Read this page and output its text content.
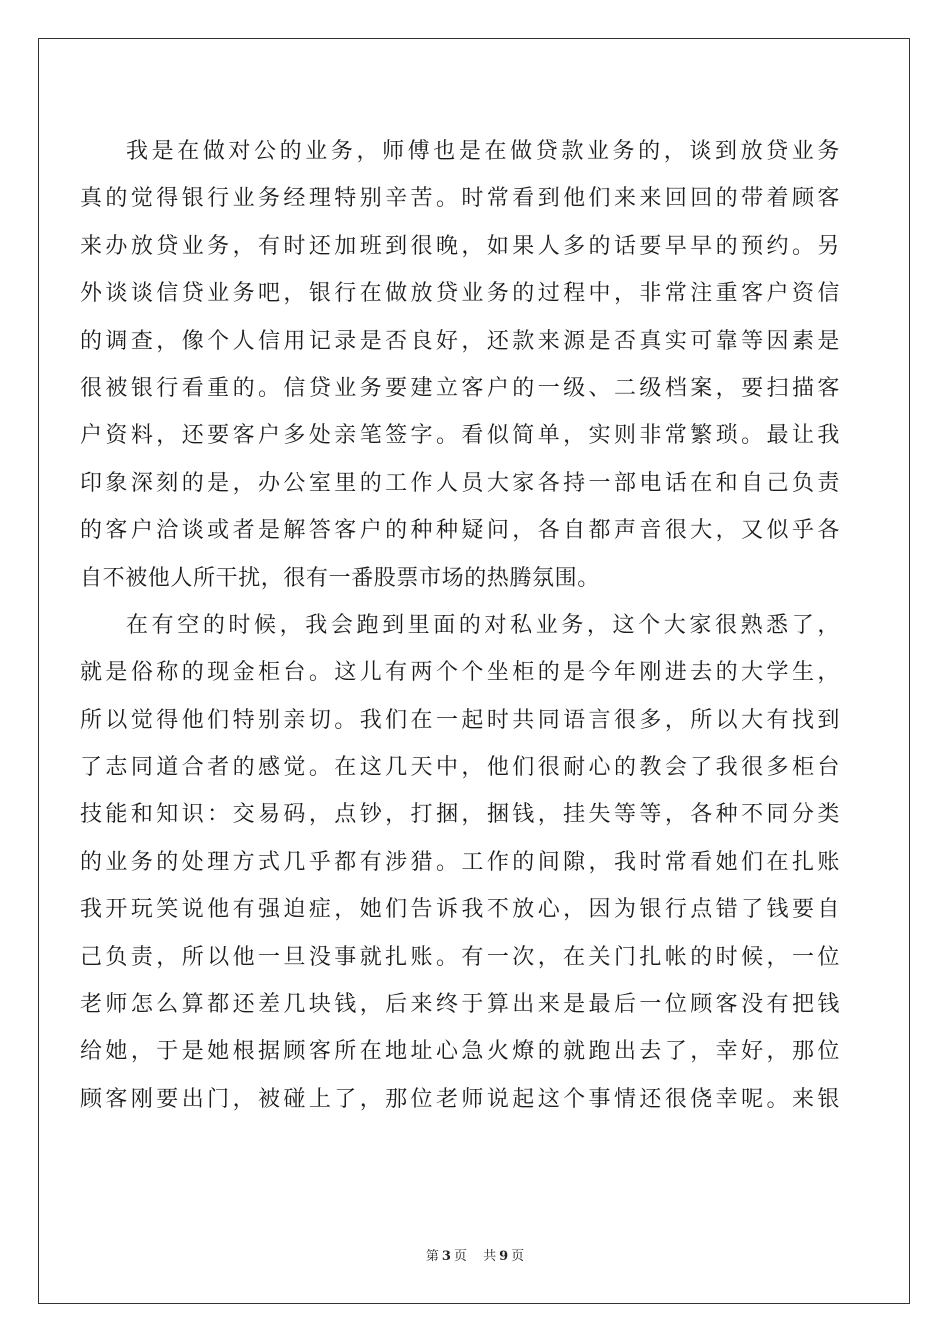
我是在做对公的业务，师傅也是在做贷款业务的，谈到放贷业务
真的觉得银行业务经理特别辛苦。时常看到他们来来回回的带着顾客
来办放贷业务，有时还加班到很晚，如果人多的话要早早的预约。另
外谈谈信贷业务吧，银行在做放贷业务的过程中，非常注重客户资信
的调查，像个人信用记录是否良好，还款来源是否真实可靠等因素是
很被银行看重的。信贷业务要建立客户的一级、二级档案，要扫描客
户资料，还要客户多处亲笔签字。看似简单，实则非常繁琐。最让我
印象深刻的是，办公室里的工作人员大家各持一部电话在和自己负责
的客户洽谈或者是解答客户的种种疑问，各自都声音很大，又似乎各
自不被他人所干扰，很有一番股票市场的热腾氛围。
在有空的时候，我会跑到里面的对私业务，这个大家很熟悉了，
就是俗称的现金柜台。这儿有两个个坐柜的是今年刚进去的大学生，
所以觉得他们特别亲切。我们在一起时共同语言很多，所以大有找到
了志同道合者的感觉。在这几天中，他们很耐心的教会了我很多柜台
技能和知识：交易码，点钞，打捆，捆钱，挂失等等，各种不同分类
的业务的处理方式几乎都有涉猎。工作的间隙，我时常看她们在扎账
我开玩笑说他有强迫症，她们告诉我不放心，因为银行点错了钱要自
己负责，所以他一旦没事就扎账。有一次，在关门扎帐的时候，一位
老师怎么算都还差几块钱，后来终于算出来是最后一位顾客没有把钱
给她，于是她根据顾客所在地址心急火燎的就跑出去了，幸好，那位
顾客刚要出门，被碰上了，那位老师说起这个事情还很侥幸呢。来银
第 3 页 共 9 页
